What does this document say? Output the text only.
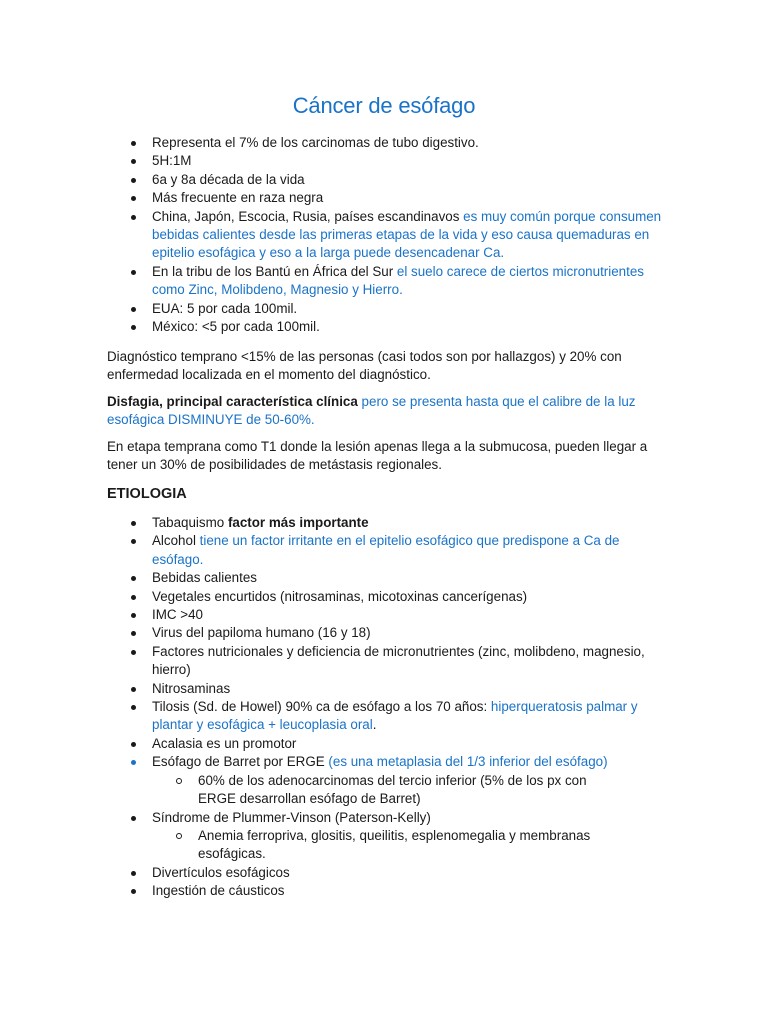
Cáncer de esófago
Representa el 7% de los carcinomas de tubo digestivo.
5H:1M
6a y 8a década de la vida
Más frecuente en raza negra
China, Japón, Escocia, Rusia, países escandinavos es muy común porque consumen bebidas calientes desde las primeras etapas de la vida y eso causa quemaduras en epitelio esofágica y eso a la larga puede desencadenar Ca.
En la tribu de los Bantú en África del Sur el suelo carece de ciertos micronutrientes como Zinc, Molibdeno, Magnesio y Hierro.
EUA: 5 por cada 100mil.
México: <5 por cada 100mil.

Diagnóstico temprano <15% de las personas (casi todos son por hallazgos) y 20% con enfermedad localizada en el momento del diagnóstico.

Disfagia, principal característica clínica pero se presenta hasta que el calibre de la luz esofágica DISMINUYE de 50-60%.

En etapa temprana como T1 donde la lesión apenas llega a la submucosa, pueden llegar a tener un 30% de posibilidades de metástasis regionales.

ETIOLOGIA
Tabaquismo factor más importante
Alcohol tiene un factor irritante en el epitelio esofágico que predispone a Ca de esófago.
Bebidas calientes
Vegetales encurtidos (nitrosaminas, micotoxinas cancerígenas)
IMC >40
Virus del papiloma humano (16 y 18)
Factores nutricionales y deficiencia de micronutrientes (zinc, molibdeno, magnesio, hierro)
Nitrosaminas
Tilosis (Sd. de Howel) 90% ca de esófago a los 70 años: hiperqueratosis palmar y plantar y esofágica + leucoplasia oral.
Acalasia es un promotor
Esófago de Barret por ERGE (es una metaplasia del 1/3 inferior del esófago)
60% de los adenocarcinomas del tercio inferior (5% de los px con ERGE desarrollan esófago de Barret)
Síndrome de Plummer-Vinson (Paterson-Kelly)
Anemia ferropriva, glositis, queilitis, esplenomegalia y membranas esofágicas.
Divertículos esofágicos
Ingestión de cáusticos
